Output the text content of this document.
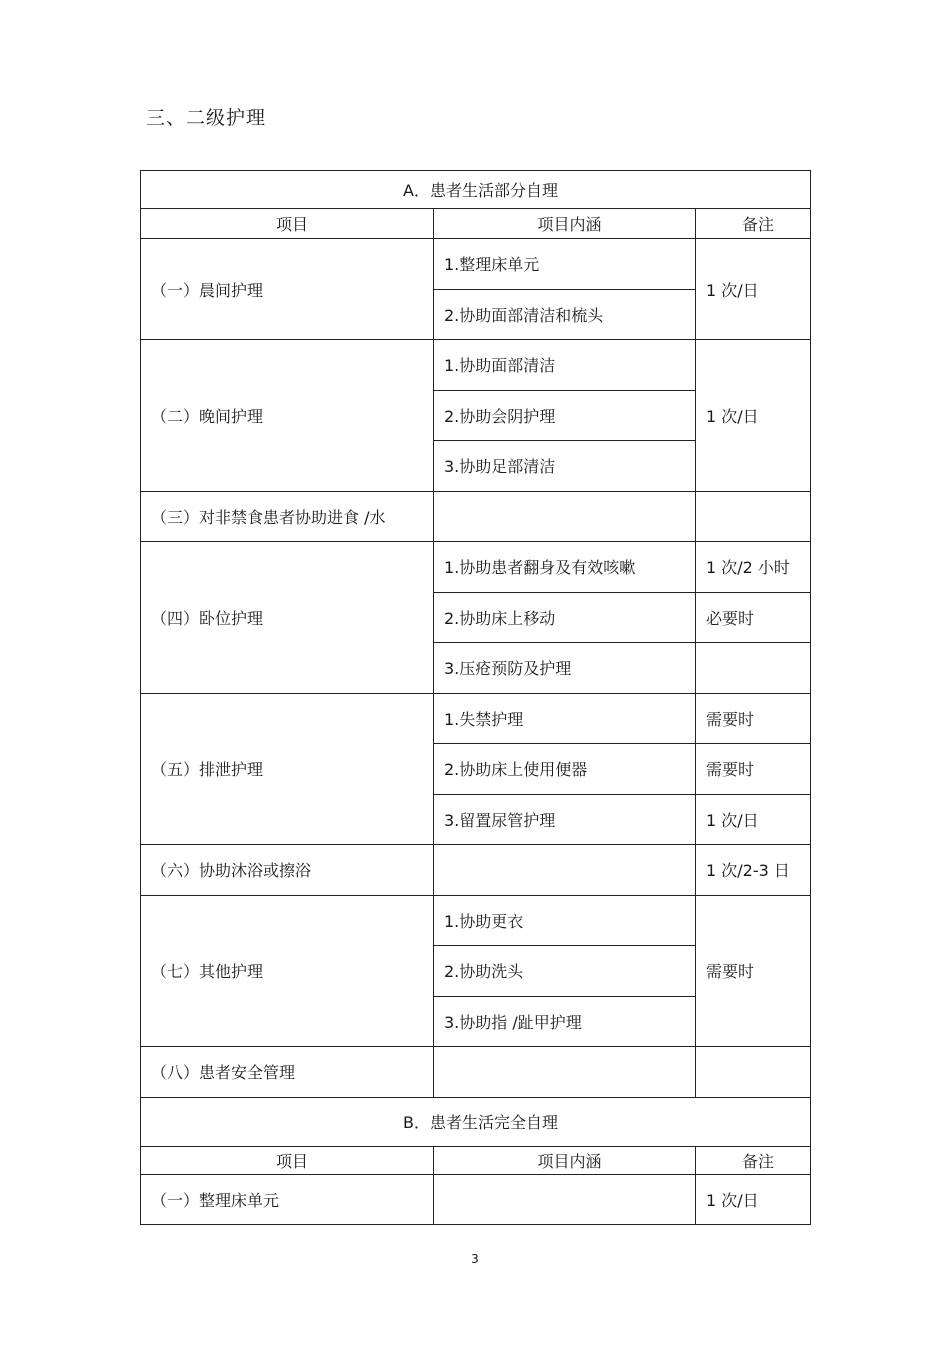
三、二级护理
A．患者生活部分自理		
项目	项目内涵	备注
（一）晨间护理	1.整理床单元	1 次/日
	2.协助面部清洁和梳头	
（二）晚间护理	1.协助面部清洁	1 次/日
	2.协助会阴护理	
	3.协助足部清洁	
（三）对非禁食患者协助进食 /水		
（四）卧位护理	1.协助患者翻身及有效咳嗽	1 次/2 小时
	2.协助床上移动	必要时
	3.压疮预防及护理	
（五）排泄护理	1.失禁护理	需要时
	2.协助床上使用便器	需要时
	3.留置尿管护理	1 次/日
（六）协助沐浴或擦浴		1 次/2-3 日
（七）其他护理	1.协助更衣	需要时
	2.协助洗头	
	3.协助指 /趾甲护理	
（八）患者安全管理		
B．患者生活完全自理		
项目	项目内涵	备注
（一）整理床单元		1 次/日
3
